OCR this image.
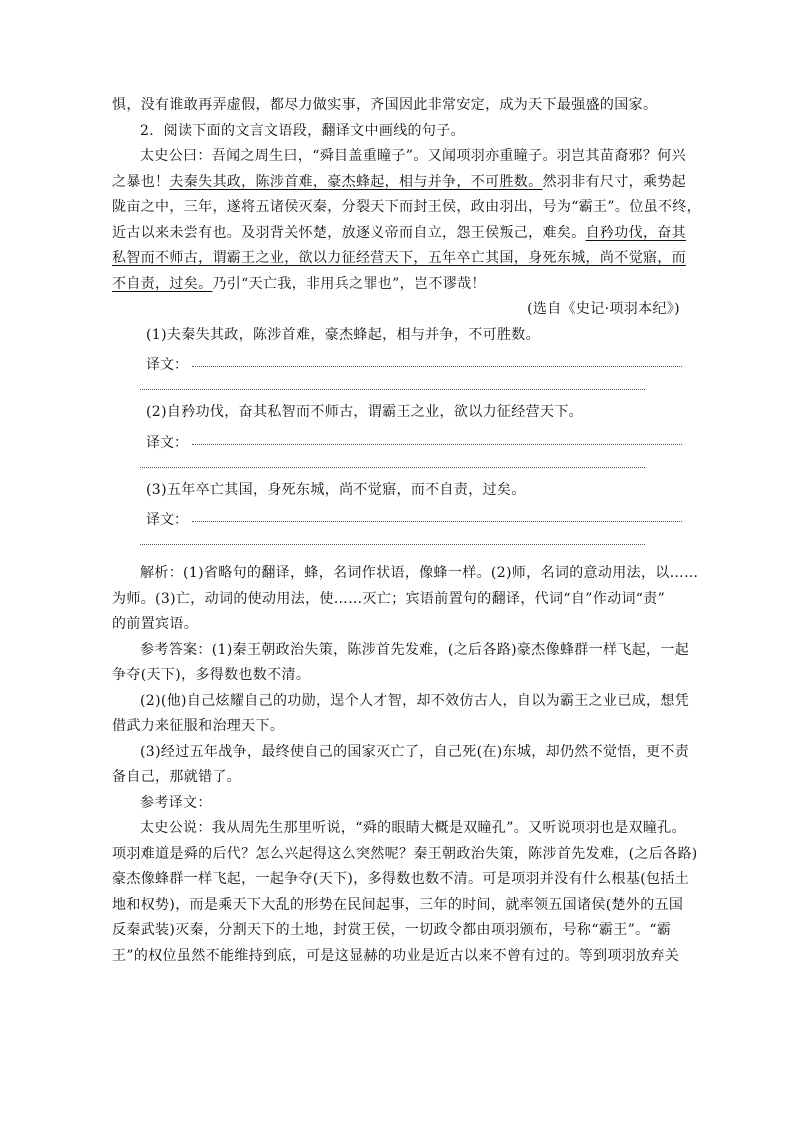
惧，没有谁敢再弄虚假，都尽力做实事，齐国因此非常安定，成为天下最强盛的国家。
2．阅读下面的文言文语段，翻译文中画线的句子。
太史公曰：吾闻之周生曰，“舜目盖重瞳子”。又闻项羽亦重瞳子。羽岂其苗裔邪？何兴
之暴也！夫秦失其政，陈涉首难，豪杰蜂起，相与并争，不可胜数。然羽非有尺寸，乘势起
陇亩之中，三年，遂将五诸侯灭秦，分裂天下而封王侯，政由羽出，号为“霸王”。位虽不终，
近古以来未尝有也。及羽背关怀楚，放逐义帝而自立，怨王侯叛己，难矣。自矜功伐，奋其
私智而不师古，谓霸王之业，欲以力征经营天下，五年卒亡其国，身死东城，尚不觉寤，而
不自责，过矣。乃引“天亡我，非用兵之罪也”，岂不谬哉！
(选自《史记·项羽本纪》)
(1)夫秦失其政，陈涉首难，豪杰蜂起，相与并争，不可胜数。
译文：
(2)自矜功伐，奋其私智而不师古，谓霸王之业，欲以力征经营天下。
译文：
(3)五年卒亡其国，身死东城，尚不觉寤，而不自责，过矣。
译文：
解析：(1)省略句的翻译，蜂，名词作状语，像蜂一样。(2)师，名词的意动用法，以……
为师。(3)亡，动词的使动用法，使……灭亡；宾语前置句的翻译，代词“自”作动词“责”
的前置宾语。
参考答案：(1)秦王朝政治失策，陈涉首先发难，(之后各路)豪杰像蜂群一样飞起，一起
争夺(天下)，多得数也数不清。
(2)(他)自己炫耀自己的功勋，逞个人才智，却不效仿古人，自以为霸王之业已成，想凭
借武力来征服和治理天下。
(3)经过五年战争，最终使自己的国家灭亡了，自己死(在)东城，却仍然不觉悟，更不责
备自己，那就错了。
参考译文：
太史公说：我从周先生那里听说，“舜的眼睛大概是双瞳孔”。又听说项羽也是双瞳孔。
项羽难道是舜的后代？怎么兴起得这么突然呢？秦王朝政治失策，陈涉首先发难，(之后各路)
豪杰像蜂群一样飞起，一起争夺(天下)，多得数也数不清。可是项羽并没有什么根基(包括土
地和权势)，而是乘天下大乱的形势在民间起事，三年的时间，就率领五国诸侯(楚外的五国
反秦武装)灭秦，分割天下的土地，封赏王侯，一切政令都由项羽颁布，号称“霸王”。“霸
王”的权位虽然不能维持到底，可是这显赫的功业是近古以来不曾有过的。等到项羽放弃关
